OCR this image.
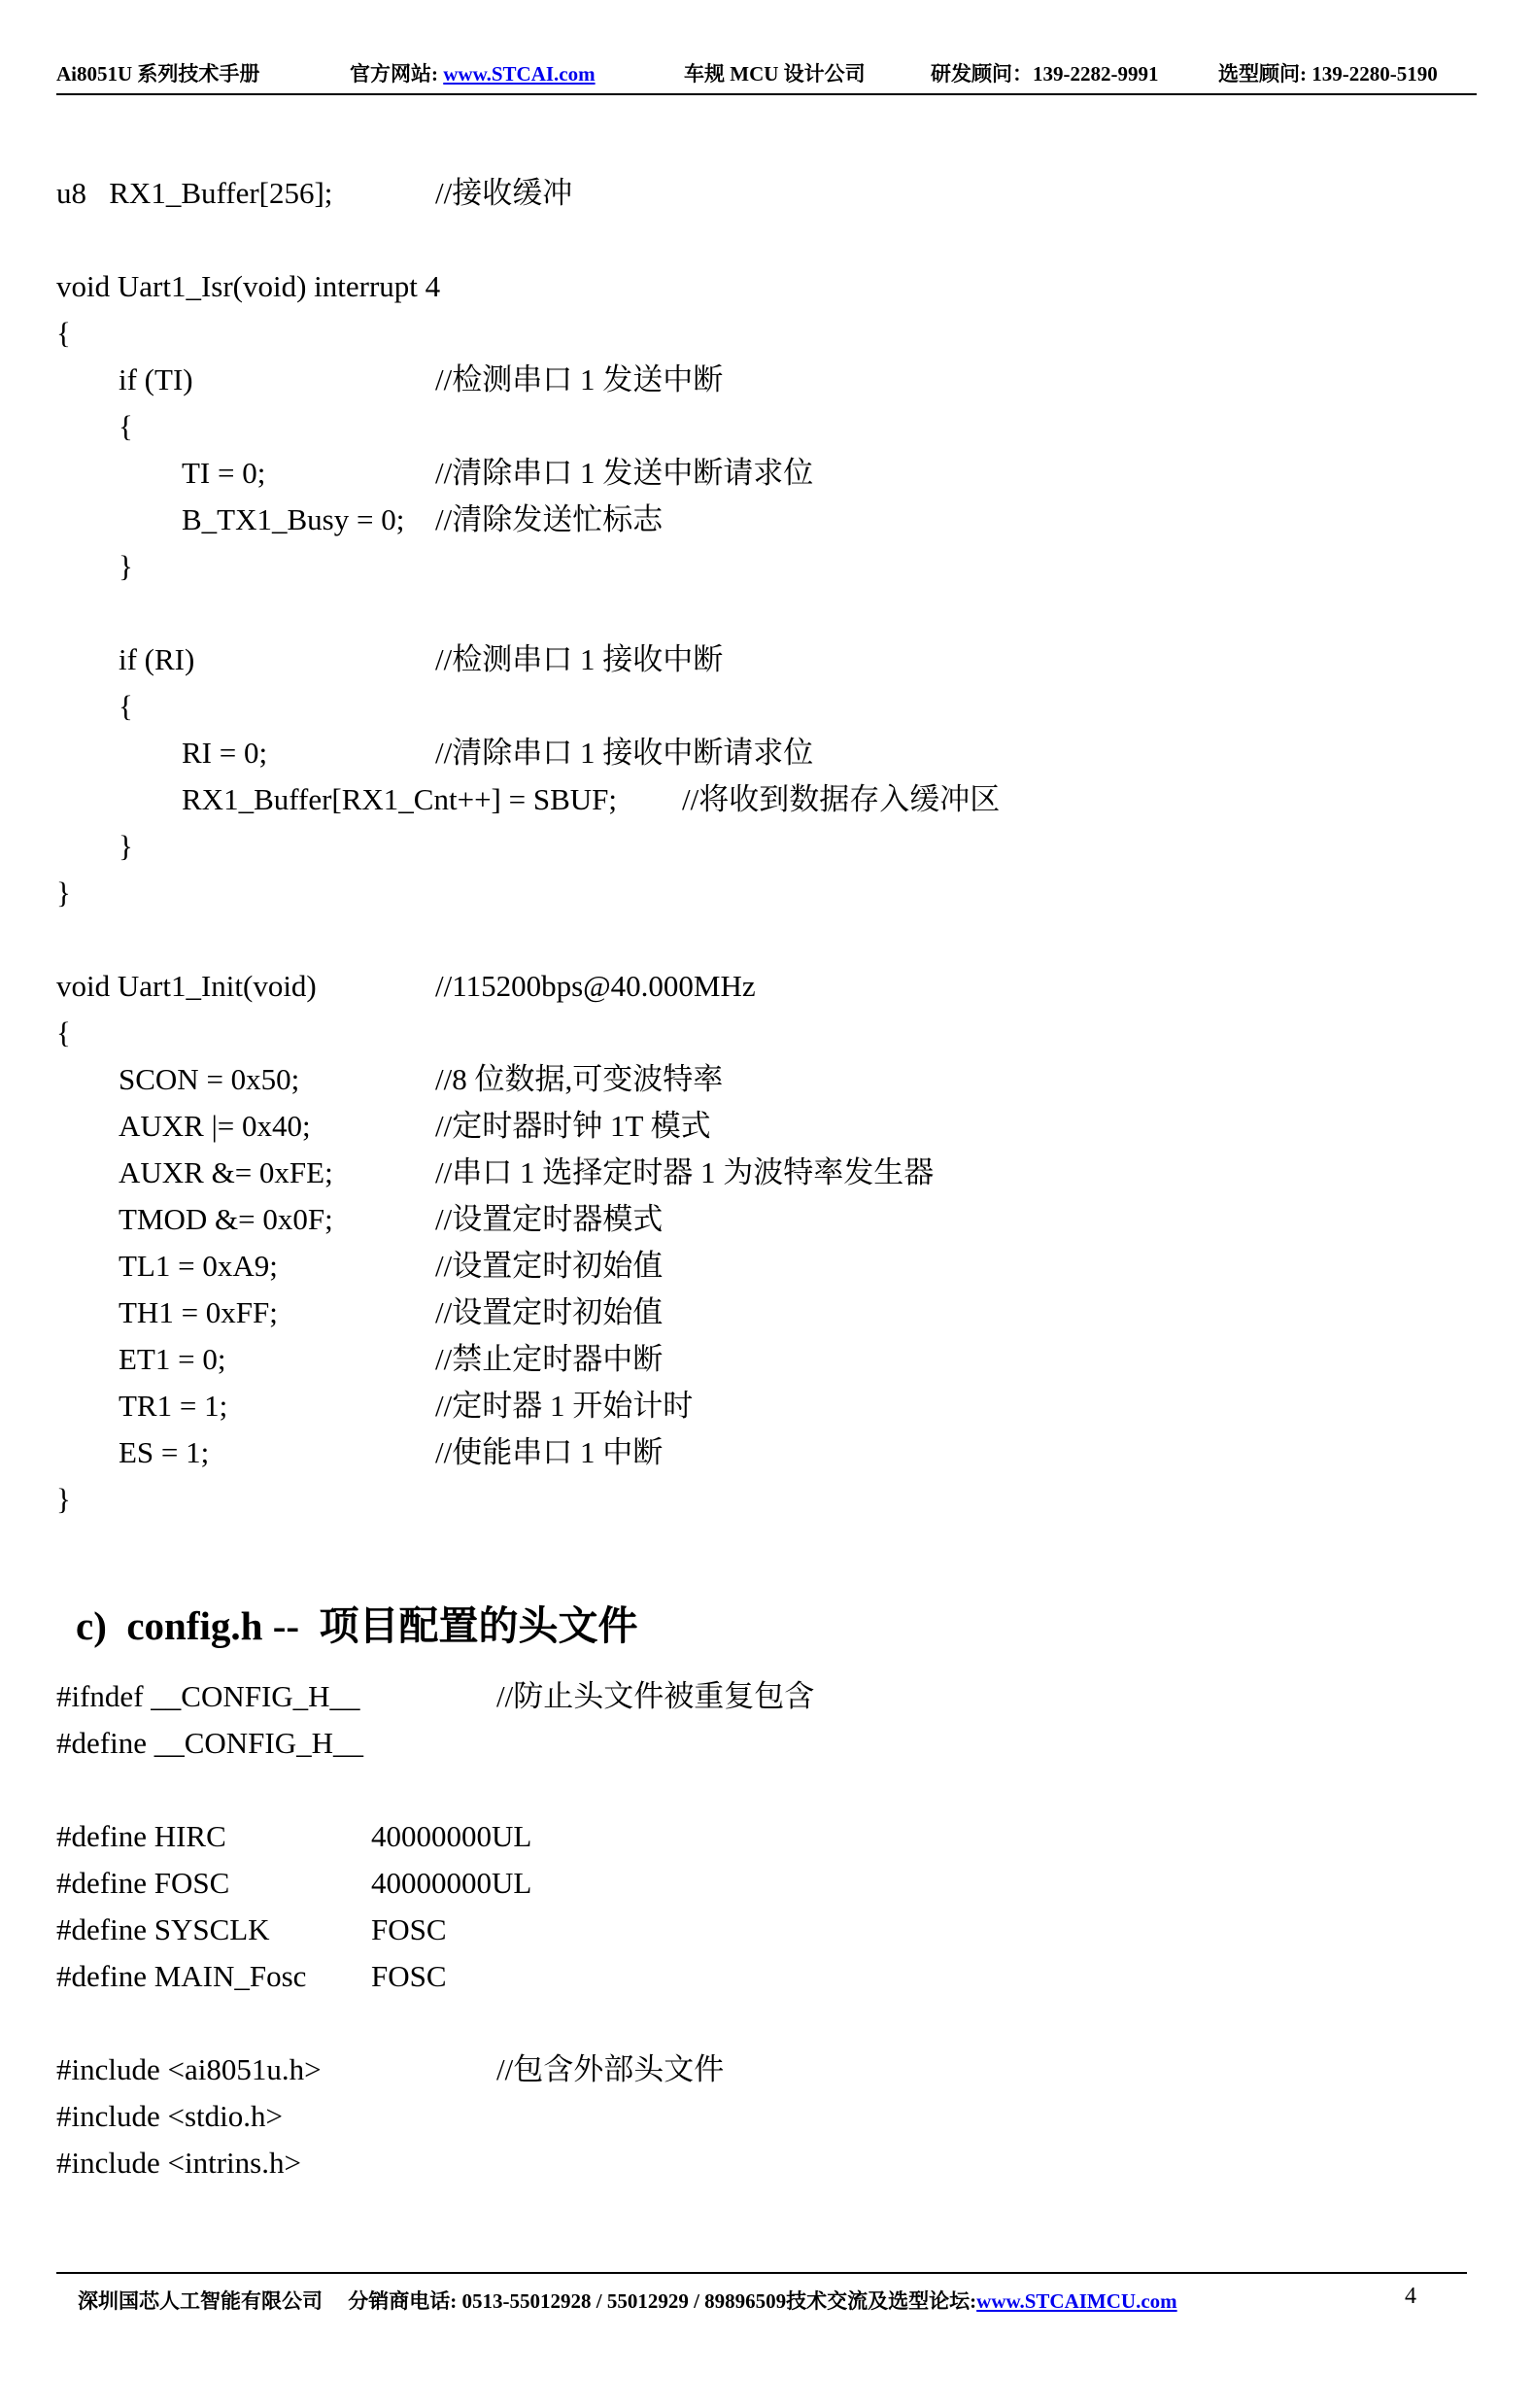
Ai8051U 系列技术手册	官方网站: www.STCAI.com	车规 MCU 设计公司	研发顾问：139-2282-9991	选型顾问: 139-2280-5190
u8   RX1_Buffer[256];	//接收缓冲
void Uart1_Isr(void) interrupt 4
{
if (TI)	//检测串口 1 发送中断
{
TI = 0;	//清除串口 1 发送中断请求位
B_TX1_Busy = 0; //清除发送忙标志
}
if (RI)	//检测串口 1 接收中断
{
RI = 0;	//清除串口 1 接收中断请求位
RX1_Buffer[RX1_Cnt++] = SBUF; //将收到数据存入缓冲区
}
}
void Uart1_Init(void)	//115200bps@40.000MHz
{
SCON = 0x50;	//8 位数据,可变波特率
AUXR |= 0x40;	//定时器时钟 1T 模式
AUXR &= 0xFE;	//串口 1 选择定时器 1 为波特率发生器
TMOD &= 0x0F;	//设置定时器模式
TL1 = 0xA9;	//设置定时初始值
TH1 = 0xFF;	//设置定时初始值
ET1 = 0;	//禁止定时器中断
TR1 = 1;	//定时器 1 开始计时
ES = 1;	//使能串口 1 中断
}
c) config.h --  项目配置的头文件
#ifndef __CONFIG_H__	//防止头文件被重复包含
#define __CONFIG_H__
#define HIRC	40000000UL
#define FOSC	40000000UL
#define SYSCLK	FOSC
#define MAIN_Fosc FOSC
#include <ai8051u.h>	//包含外部头文件
#include <stdio.h>
#include <intrins.h>
深圳国芯人工智能有限公司 分销商电话: 0513-55012928 / 55012929 / 89896509技术交流及选型论坛:www.STCAIMCU.com	4
